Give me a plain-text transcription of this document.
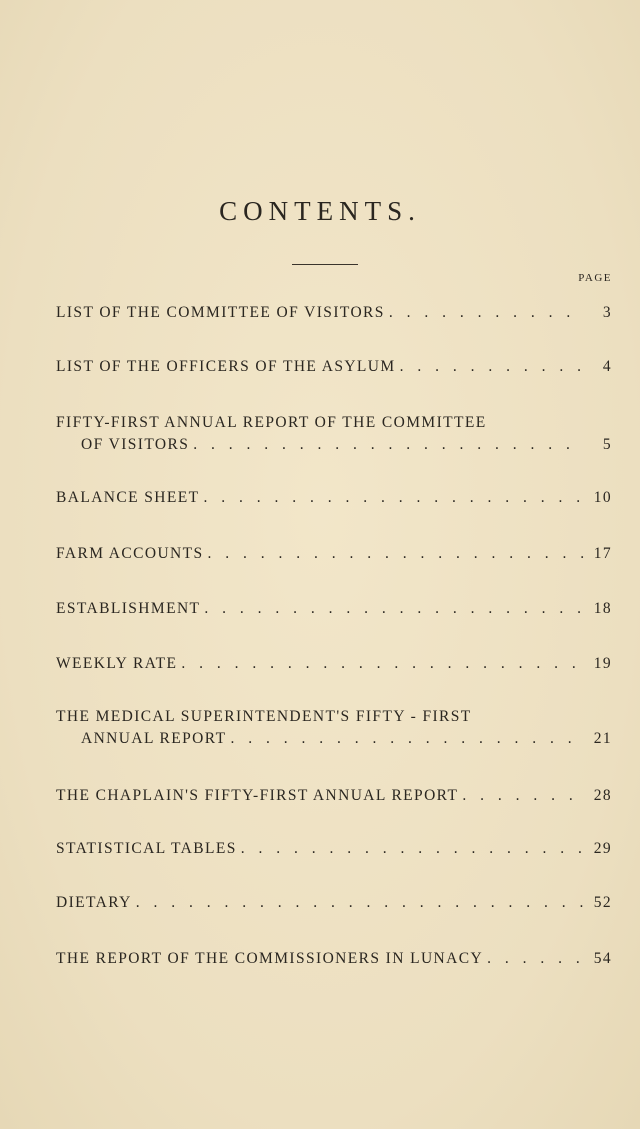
CONTENTS.
PAGE
LIST OF THE COMMITTEE OF VISITORS . . .	3
LIST OF THE OFFICERS OF THE ASYLUM . . .	4
FIFTY-FIRST ANNUAL REPORT OF THE COMMITTEE
OF VISITORS . . .	5
BALANCE SHEET . . .	10
FARM ACCOUNTS . . .	17
ESTABLISHMENT . . .	18
WEEKLY RATE . . .	19
THE MEDICAL SUPERINTENDENT'S FIFTY - FIRST
ANNUAL REPORT . . .	21
THE CHAPLAIN'S FIFTY-FIRST ANNUAL REPORT . . .	28
STATISTICAL TABLES . . .	29
DIETARY . . .	52
THE REPORT OF THE COMMISSIONERS IN LUNACY . . .	54
